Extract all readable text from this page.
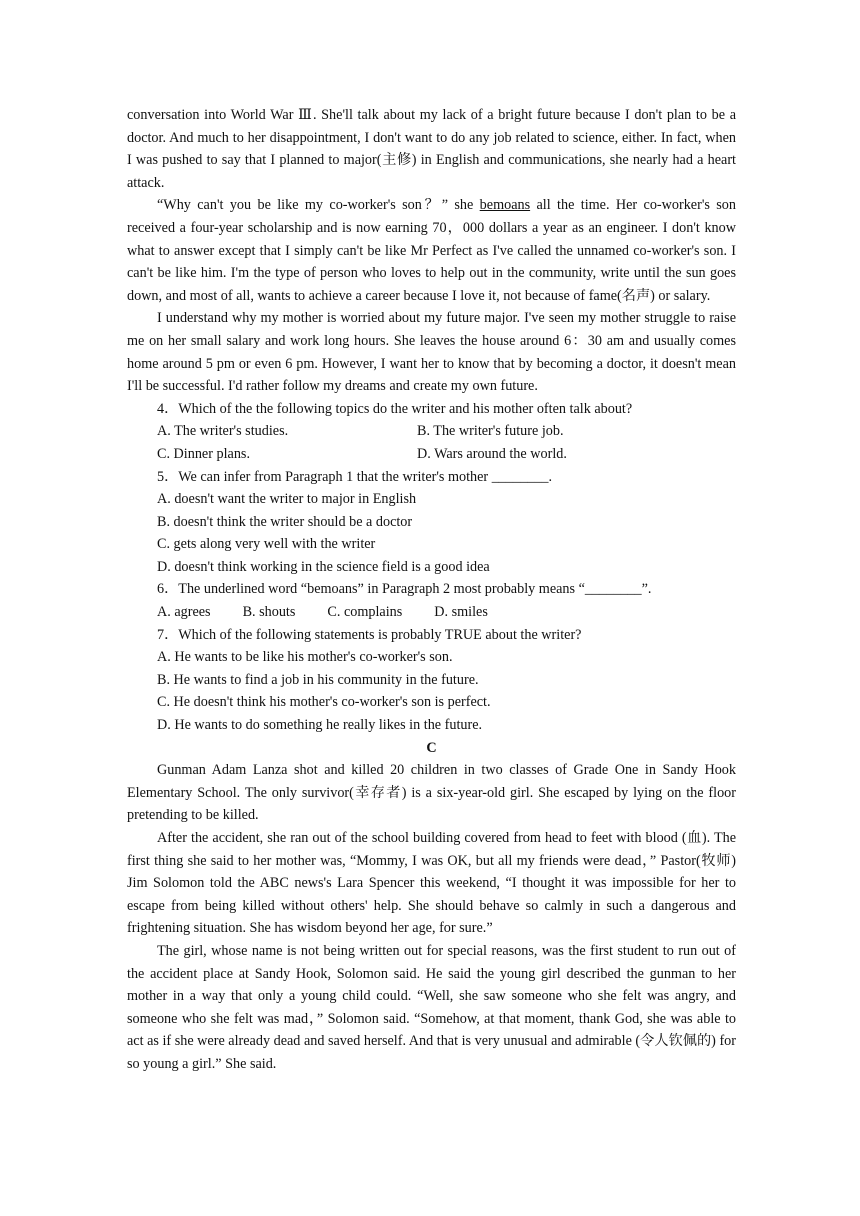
conversation into World War Ⅲ. She'll talk about my lack of a bright future because I don't plan to be a doctor. And much to her disappointment, I don't want to do any job related to science, either. In fact, when I was pushed to say that I planned to major(主修) in English and communications, she nearly had a heart attack.

“Why can't you be like my co-worker's son？” she bemoans all the time. Her co-worker's son received a four-year scholarship and is now earning 70，000 dollars a year as an engineer. I don't know what to answer except that I simply can't be like Mr Perfect as I've called the unnamed co-worker's son. I can't be like him. I'm the type of person who loves to help out in the community, write until the sun goes down, and most of all, wants to achieve a career because I love it, not because of fame(名声) or salary.

I understand why my mother is worried about my future major. I've seen my mother struggle to raise me on her small salary and work long hours. She leaves the house around 6：30 am and usually comes home around 5 pm or even 6 pm. However, I want her to know that by becoming a doctor, it doesn't mean I'll be successful. I'd rather follow my dreams and create my own future.

4．Which of the the following topics do the writer and his mother often talk about?

A. The writer's studies.	B. The writer's future job.
C. Dinner plans.	D. Wars around the world.

5．We can infer from Paragraph 1 that the writer's mother ________.

A. doesn't want the writer to major in English

B. doesn't think the writer should be a doctor

C. gets along very well with the writer

D. doesn't think working in the science field is a good idea

6．The underlined word “bemoans” in Paragraph 2 most probably means “________”.

A. agrees B. shouts C. complains D. smiles

7．Which of the following statements is probably TRUE about the writer?

A. He wants to be like his mother's co-worker's son.

B. He wants to find a job in his community in the future.

C. He doesn't think his mother's co-worker's son is perfect.

D. He wants to do something he really likes in the future.

C

Gunman Adam Lanza shot and killed 20 children in two classes of Grade One in Sandy Hook Elementary School. The only survivor(幸存者) is a six-year-old girl. She escaped by lying on the floor pretending to be killed.

After the accident, she ran out of the school building covered from head to feet with blood (血). The first thing she said to her mother was, “Mommy, I was OK, but all my friends were dead，” Pastor(牧师) Jim Solomon told the ABC news's Lara Spencer this weekend, “I thought it was impossible for her to escape from being killed without others' help. She should behave so calmly in such a dangerous and frightening situation. She has wisdom beyond her age, for sure.”

The girl, whose name is not being written out for special reasons, was the first student to run out of the accident place at Sandy Hook, Solomon said. He said the young girl described the gunman to her mother in a way that only a young child could. “Well, she saw someone who she felt was angry, and someone who she felt was mad，” Solomon said. “Somehow, at that moment, thank God, she was able to act as if she were already dead and saved herself. And that is very unusual and admirable (令人钦佩的) for so young a girl.” She said.
